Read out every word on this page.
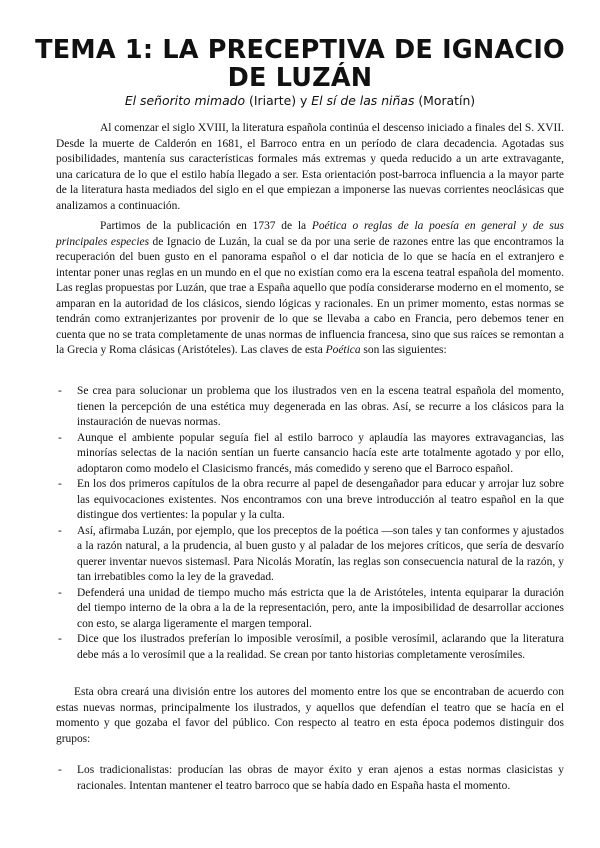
TEMA 1: LA PRECEPTIVA DE IGNACIO DE LUZÁN
El señorito mimado (Iriarte) y El sí de las niñas (Moratín)

Al comenzar el siglo XVIII, la literatura española continúa el descenso iniciado a finales del S. XVII. Desde la muerte de Calderón en 1681, el Barroco entra en un período de clara decadencia. Agotadas sus posibilidades, mantenía sus características formales más extremas y queda reducido a un arte extravagante, una caricatura de lo que el estilo había llegado a ser. Esta orientación post-barroca influencia a la mayor parte de la literatura hasta mediados del siglo en el que empiezan a imponerse las nuevas corrientes neoclásicas que analizamos a continuación.

Partimos de la publicación en 1737 de la Poética o reglas de la poesía en general y de sus principales especies de Ignacio de Luzán, la cual se da por una serie de razones entre las que encontramos la recuperación del buen gusto en el panorama español o el dar noticia de lo que se hacía en el extranjero e intentar poner unas reglas en un mundo en el que no existían como era la escena teatral española del momento. Las reglas propuestas por Luzán, que trae a España aquello que podía considerarse moderno en el momento, se amparan en la autoridad de los clásicos, siendo lógicas y racionales. En un primer momento, estas normas se tendrán como extranjerizantes por provenir de lo que se llevaba a cabo en Francia, pero debemos tener en cuenta que no se trata completamente de unas normas de influencia francesa, sino que sus raíces se remontan a la Grecia y Roma clásicas (Aristóteles). Las claves de esta Poética son las siguientes:

- Se crea para solucionar un problema que los ilustrados ven en la escena teatral española del momento, tienen la percepción de una estética muy degenerada en las obras. Así, se recurre a los clásicos para la instauración de nuevas normas.
- Aunque el ambiente popular seguía fiel al estilo barroco y aplaudía las mayores extravagancias, las minorías selectas de la nación sentían un fuerte cansancio hacía este arte totalmente agotado y por ello, adoptaron como modelo el Clasicismo francés, más comedido y sereno que el Barroco español.
- En los dos primeros capítulos de la obra recurre al papel de desengañador para educar y arrojar luz sobre las equivocaciones existentes. Nos encontramos con una breve introducción al teatro español en la que distingue dos vertientes: la popular y la culta.
- Así, afirmaba Luzán, por ejemplo, que los preceptos de la poética —son tales y tan conformes y ajustados a la razón natural, a la prudencia, al buen gusto y al paladar de los mejores críticos, que sería de desvarío querer inventar nuevos sistemas‖. Para Nicolás Moratín, las reglas son consecuencia natural de la razón, y tan irrebatibles como la ley de la gravedad.
- Defenderá una unidad de tiempo mucho más estricta que la de Aristóteles, intenta equiparar la duración del tiempo interno de la obra a la de la representación, pero, ante la imposibilidad de desarrollar acciones con esto, se alarga ligeramente el margen temporal.
- Dice que los ilustrados preferían lo imposible verosímil, a posible verosímil, aclarando que la literatura debe más a lo verosímil que a la realidad. Se crean por tanto historias completamente verosímiles.

Esta obra creará una división entre los autores del momento entre los que se encontraban de acuerdo con estas nuevas normas, principalmente los ilustrados, y aquellos que defendían el teatro que se hacía en el momento y que gozaba el favor del público. Con respecto al teatro en esta época podemos distinguir dos grupos:

- Los tradicionalistas: producían las obras de mayor éxito y eran ajenos a estas normas clasicistas y racionales. Intentan mantener el teatro barroco que se había dado en España hasta el momento.
